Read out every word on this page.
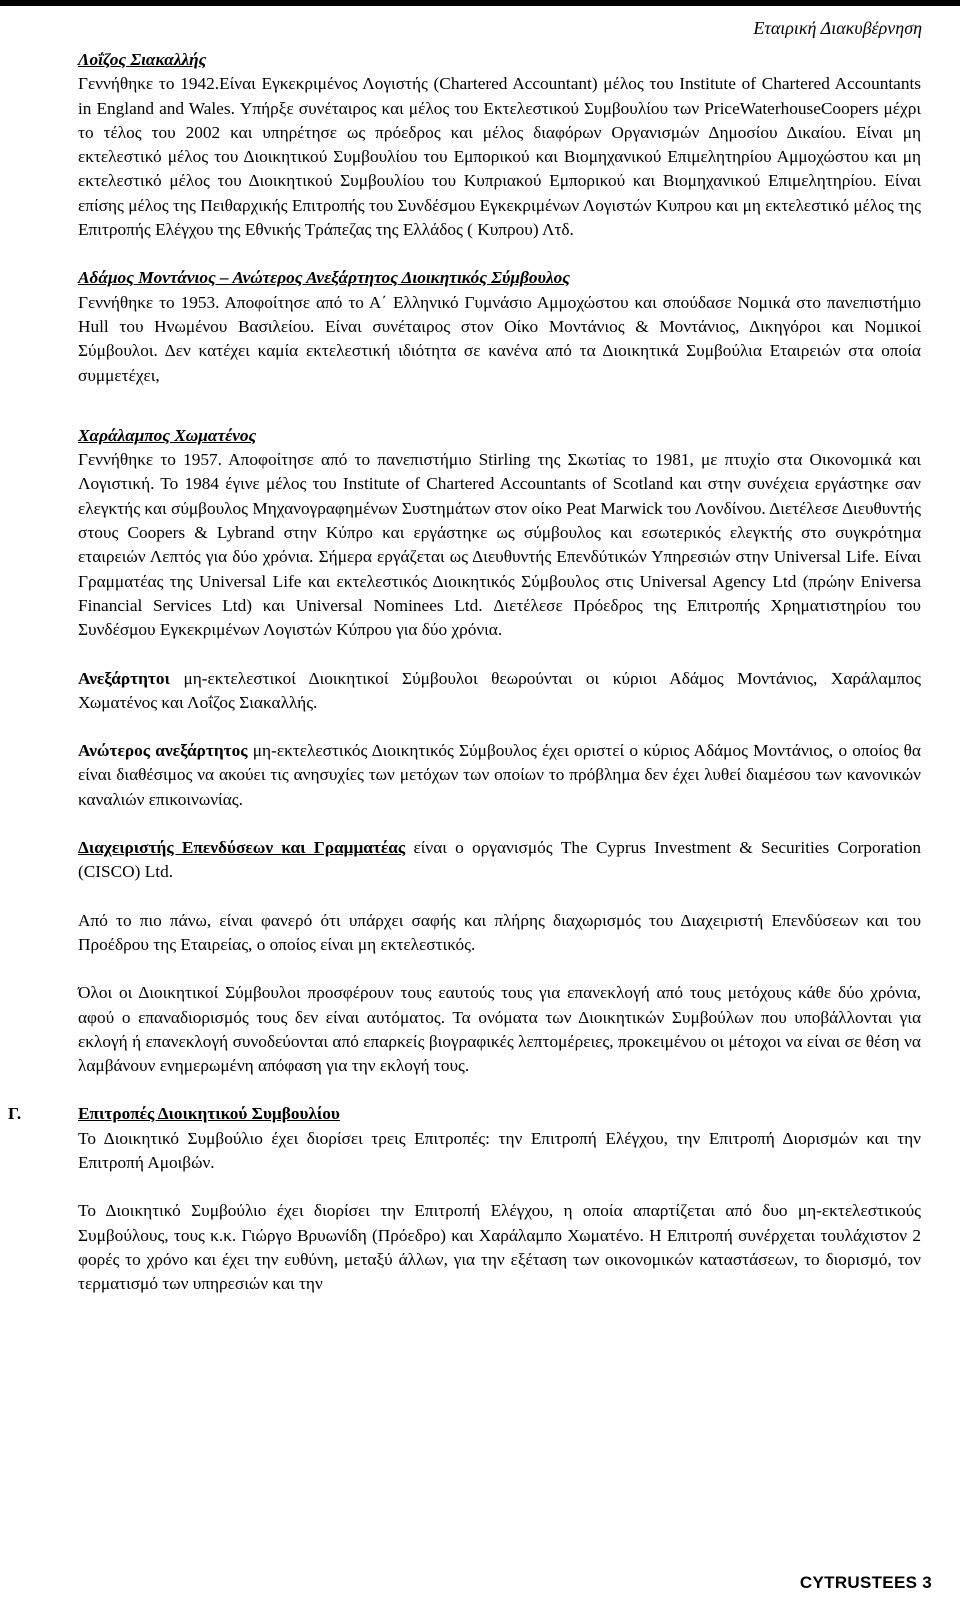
Εταιρική Διακυβέρνηση

Λοΐζος Σιακαλλής

Γεννήθηκε το 1942.Είναι Εγκεκριμένος Λογιστής (Chartered Accountant) μέλος του Institute of Chartered Accountants in England and Wales. Υπήρξε συνέταιρος και μέλος του Εκτελεστικού Συμβουλίου των PriceWaterhouseCoopers μέχρι το τέλος του 2002 και υπηρέτησε ως πρόεδρος και μέλος διαφόρων Οργανισμών Δημοσίου Δικαίου. Είναι μη εκτελεστικό μέλος του Διοικητικού Συμβουλίου του Εμπορικού και Βιομηχανικού Επιμελητηρίου Αμμοχώστου και μη εκτελεστικό μέλος του Διοικητικού Συμβουλίου του Κυπριακού Εμπορικού και Βιομηχανικού Επιμελητηρίου. Είναι επίσης μέλος της Πειθαρχικής Επιτροπής του Συνδέσμου Εγκεκριμένων Λογιστών Κυπρου και μη εκτελεστικό μέλος της Επιτροπής Ελέγχου της Εθνικής Τράπεζας της Ελλάδος ( Κυπρου) Λτδ.

Αδάμος Μοντάνιος – Ανώτερος Ανεξάρτητος Διοικητικός Σύμβουλος

Γεννήθηκε το 1953. Αποφοίτησε από το Α΄ Ελληνικό Γυμνάσιο Αμμοχώστου και σπούδασε Νομικά στο πανεπιστήμιο Hull του Ηνωμένου Βασιλείου. Είναι συνέταιρος στον Οίκο Μοντάνιος & Μοντάνιος, Δικηγόροι και Νομικοί Σύμβουλοι. Δεν κατέχει καμία εκτελεστική ιδιότητα σε κανένα από τα Διοικητικά Συμβούλια Εταιρειών στα οποία συμμετέχει,

Χαράλαμπος Χωματένος

Γεννήθηκε το 1957. Αποφοίτησε από το πανεπιστήμιο Stirling της Σκωτίας το 1981, με πτυχίο στα Οικονομικά και Λογιστική. Το 1984 έγινε μέλος του Institute of Chartered Accountants of Scotland και στην συνέχεια εργάστηκε σαν ελεγκτής και σύμβουλος Μηχανογραφημένων Συστημάτων στον οίκο Peat Marwick του Λονδίνου. Διετέλεσε Διευθυντής στους Coopers & Lybrand στην Κύπρο και εργάστηκε ως σύμβουλος και εσωτερικός ελεγκτής στο συγκρότημα εταιρειών Λεπτός για δύο χρόνια. Σήμερα εργάζεται ως Διευθυντής Επενδύτικών Υπηρεσιών στην Universal Life. Είναι Γραμματέας της Universal Life και εκτελεστικός Διοικητικός Σύμβουλος στις Universal Agency Ltd (πρώην Eniversa Financial Services Ltd) και Universal Nominees Ltd. Διετέλεσε Πρόεδρος της Επιτροπής Χρηματιστηρίου του Συνδέσμου Εγκεκριμένων Λογιστών Κύπρου για δύο χρόνια.

Ανεξάρτητοι μη-εκτελεστικοί Διοικητικοί Σύμβουλοι θεωρούνται οι κύριοι Αδάμος Μοντάνιος, Χαράλαμπος Χωματένος και Λοΐζος Σιακαλλής.

Ανώτερος ανεξάρτητος μη-εκτελεστικός Διοικητικός Σύμβουλος έχει οριστεί ο κύριος Αδάμος Μοντάνιος, ο οποίος θα είναι διαθέσιμος να ακούει τις ανησυχίες των μετόχων των οποίων το πρόβλημα δεν έχει λυθεί διαμέσου των κανονικών καναλιών επικοινωνίας.

Διαχειριστής Επενδύσεων και Γραμματέας είναι ο οργανισμός The Cyprus Investment & Securities Corporation (CISCO) Ltd.

Από το πιο πάνω, είναι φανερό ότι υπάρχει σαφής και πλήρης διαχωρισμός του Διαχειριστή Επενδύσεων και του Προέδρου της Εταιρείας, ο οποίος είναι μη εκτελεστικός.

Όλοι οι Διοικητικοί Σύμβουλοι προσφέρουν τους εαυτούς τους για επανεκλογή από τους μετόχους κάθε δύο χρόνια, αφού ο επαναδιορισμός τους δεν είναι αυτόματος. Τα ονόματα των Διοικητικών Συμβούλων που υποβάλλονται για εκλογή ή επανεκλογή συνοδεύονται από επαρκείς βιογραφικές λεπτομέρειες, προκειμένου οι μέτοχοι να είναι σε θέση να λαμβάνουν ενημερωμένη απόφαση για την εκλογή τους.

Γ.	Επιτροπές Διοικητικού Συμβουλίου

Το Διοικητικό Συμβούλιο έχει διορίσει τρεις Επιτροπές: την Επιτροπή Ελέγχου, την Επιτροπή Διορισμών και την Επιτροπή Αμοιβών.

Το Διοικητικό Συμβούλιο έχει διορίσει την Επιτροπή Ελέγχου, η οποία απαρτίζεται από δυο μη-εκτελεστικούς Συμβούλους, τους κ.κ. Γιώργο Βρυωνίδη (Πρόεδρο) και Χαράλαμπο Χωματένο. Η Επιτροπή συνέρχεται τουλάχιστον 2 φορές το χρόνο και έχει την ευθύνη, μεταξύ άλλων, για την εξέταση των οικονομικών καταστάσεων, το διορισμό, τον τερματισμό των υπηρεσιών και την

CYTRUSTEES 3
